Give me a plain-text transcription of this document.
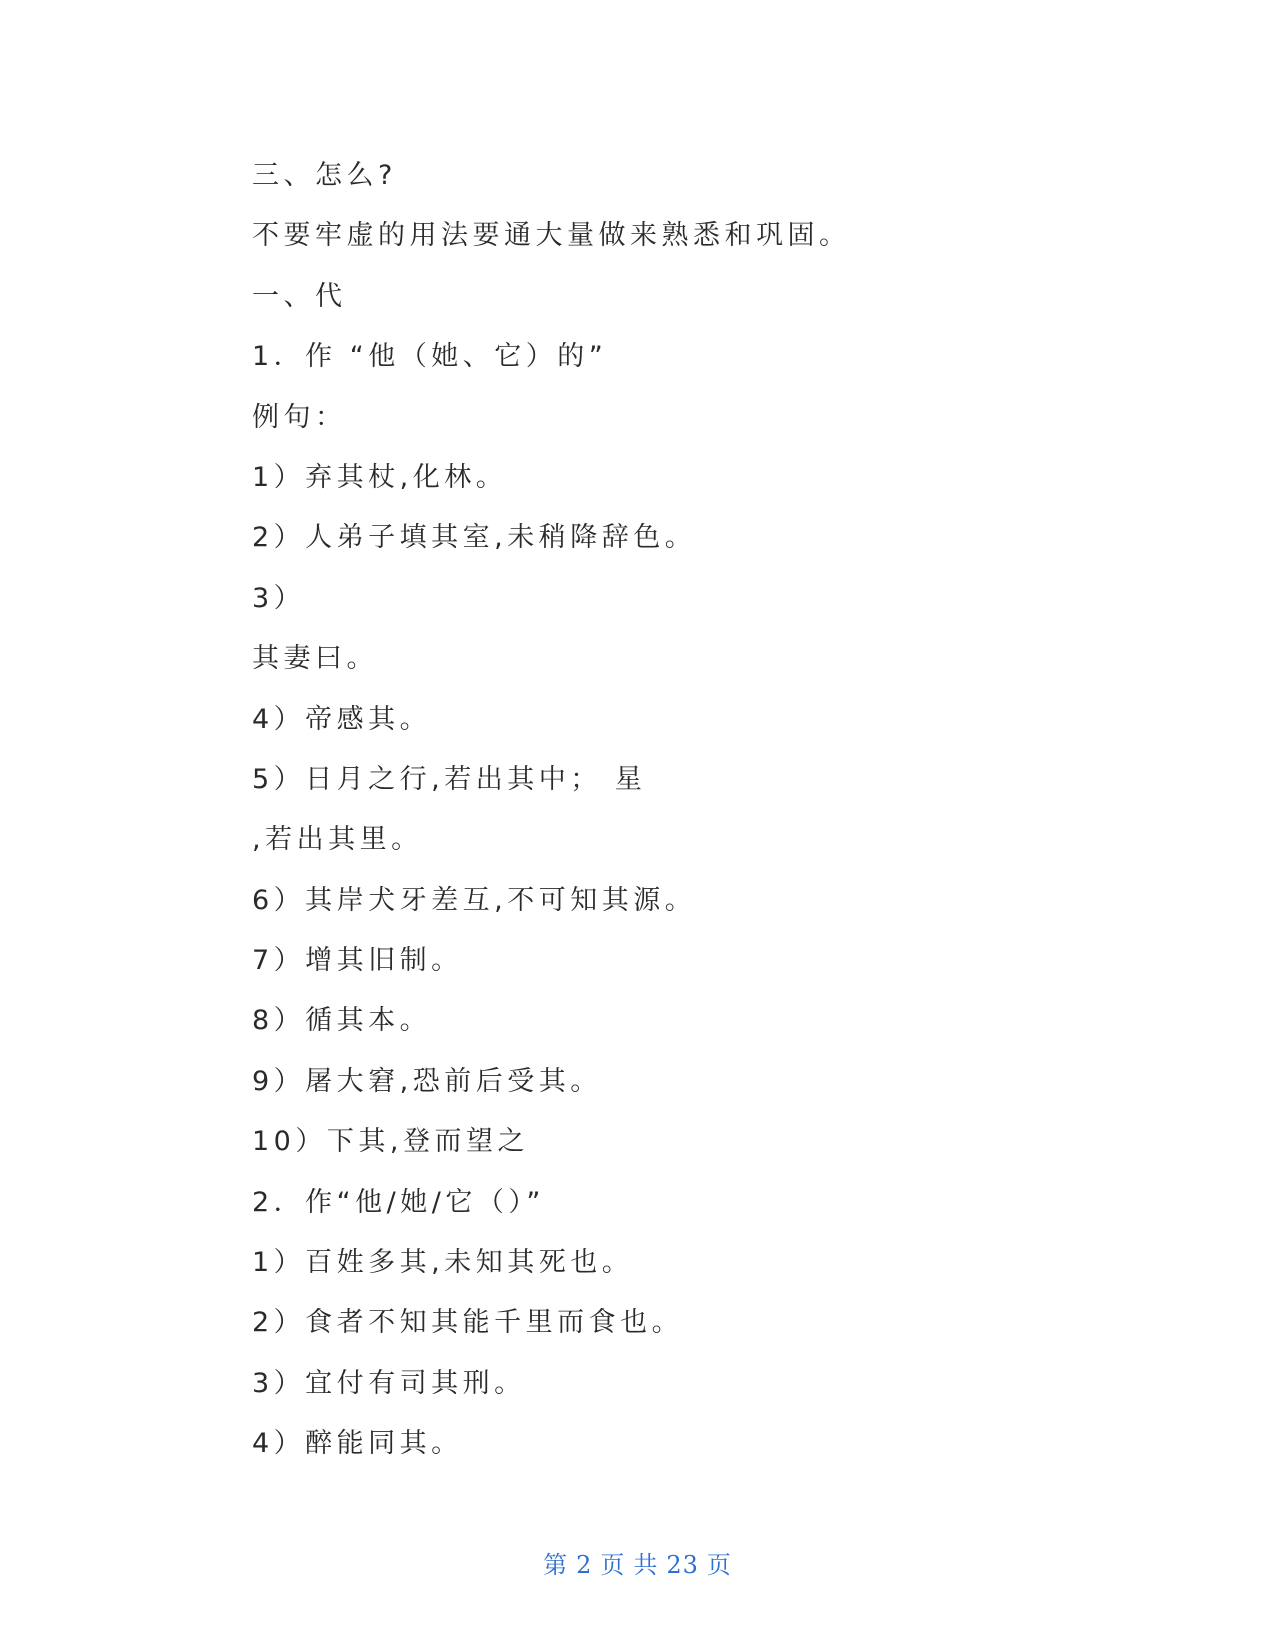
三、怎么?

不要牢虚的用法要通大量做来熟悉和巩固。

一、代

1．作 “他（她、它）的”

例句：

1）弃其杖,化林。

2）人弟子填其室,未稍降辞色。

3）

其妻曰。

4）帝感其。

5）日月之行,若出其中； 星

,若出其里。

6）其岸犬牙差互,不可知其源。

7）增其旧制。

8）循其本。

9）屠大窘,恐前后受其。

10）下其,登而望之

2．作“他/她/它（）”

1）百姓多其,未知其死也。

2）食者不知其能千里而食也。

3）宜付有司其刑。

4）醉能同其。

第 2 页 共 23 页
